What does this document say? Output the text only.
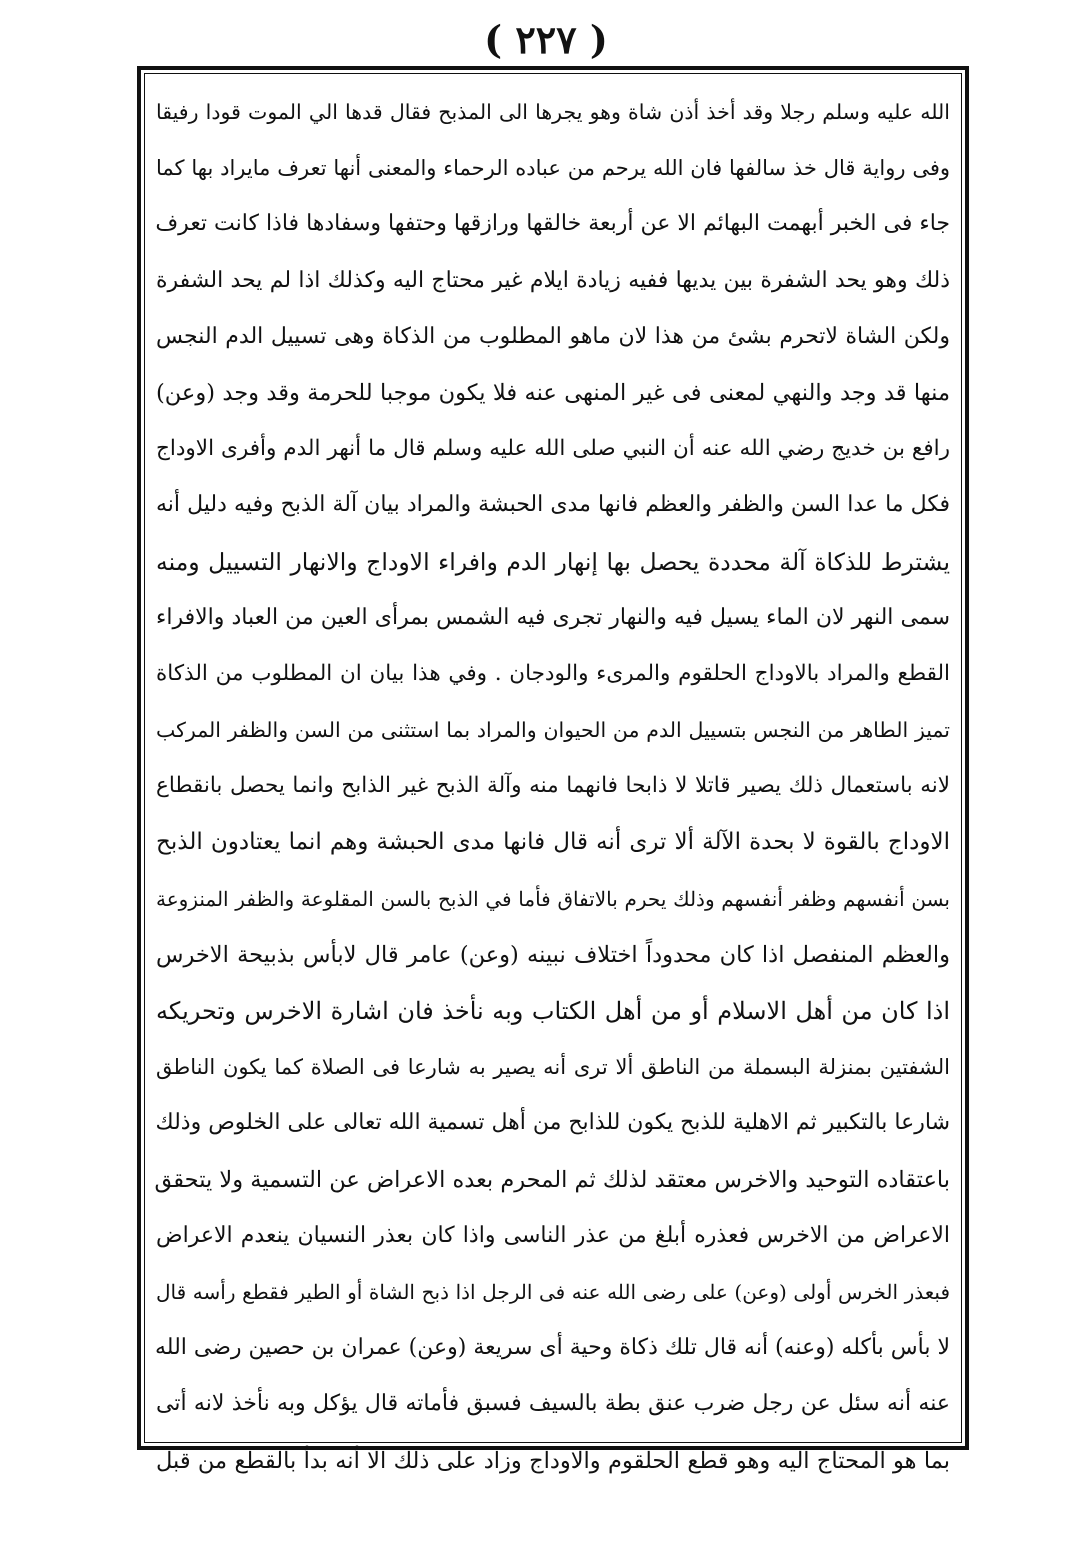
( ٢٢٧ )
الله عليه وسلم رجلا وقد أخذ أذن شاة وهو يجرها الى المذبح فقال قدها الي الموت قودا رفيقا
وفى رواية قال خذ سالفها فان الله يرحم من عباده الرحماء والمعنى أنها تعرف مايراد بها كما
جاء فى الخبر أبهمت البهائم الا عن أربعة خالقها ورازقها وحتفها وسفادها فاذا كانت تعرف
ذلك وهو يحد الشفرة بين يديها ففيه زيادة ايلام غير محتاج اليه وكذلك اذا لم يحد الشفرة
ولكن الشاة لاتحرم بشئ من هذا لان ماهو المطلوب من الذكاة وهى تسييل الدم النجس
منها قد وجد والنهي لمعنى فى غير المنهى عنه فلا يكون موجبا للحرمة وقد وجد (وعن)
رافع بن خديج رضي الله عنه أن النبي صلى الله عليه وسلم قال ما أنهر الدم وأفرى الاوداج
فكل ما عدا السن والظفر والعظم فانها مدى الحبشة والمراد بيان آلة الذبح وفيه دليل أنه
يشترط للذكاة آلة محددة يحصل بها إنهار الدم وافراء الاوداج والانهار التسييل ومنه
سمى النهر لان الماء يسيل فيه والنهار تجرى فيه الشمس بمرأى العين من العباد والافراء
القطع والمراد بالاوداج الحلقوم والمرىء والودجان . وفي هذا بيان ان المطلوب من الذكاة
تميز الطاهر من النجس بتسييل الدم من الحيوان والمراد بما استثنى من السن والظفر المركب
لانه باستعمال ذلك يصير قاتلا لا ذابحا فانهما منه وآلة الذبح غير الذابح وانما يحصل بانقطاع
الاوداج بالقوة لا بحدة الآلة ألا ترى أنه قال فانها مدى الحبشة وهم انما يعتادون الذبح
بسن أنفسهم وظفر أنفسهم وذلك يحرم بالاتفاق فأما في الذبح بالسن المقلوعة والظفر المنزوعة
والعظم المنفصل اذا كان محدوداً اختلاف نبينه (وعن) عامر قال لابأس بذبيحة الاخرس
اذا كان من أهل الاسلام أو من أهل الكتاب وبه نأخذ فان اشارة الاخرس وتحريكه
الشفتين بمنزلة البسملة من الناطق ألا ترى أنه يصير به شارعا فى الصلاة كما يكون الناطق
شارعا بالتكبير ثم الاهلية للذبح يكون للذابح من أهل تسمية الله تعالى على الخلوص وذلك
باعتقاده التوحيد والاخرس معتقد لذلك ثم المحرم بعده الاعراض عن التسمية ولا يتحقق
الاعراض من الاخرس فعذره أبلغ من عذر الناسى واذا كان بعذر النسيان ينعدم الاعراض
فبعذر الخرس أولى (وعن) على رضى الله عنه فى الرجل اذا ذبح الشاة أو الطير فقطع رأسه قال
لا بأس بأكله (وعنه) أنه قال تلك ذكاة وحية أى سريعة (وعن) عمران بن حصين رضى الله
عنه أنه سئل عن رجل ضرب عنق بطة بالسيف فسبق فأماته قال يؤكل وبه نأخذ لانه أتى
بما هو المحتاج اليه وهو قطع الحلقوم والاوداج وزاد على ذلك الا أنه بدأ بالقطع من قبل
